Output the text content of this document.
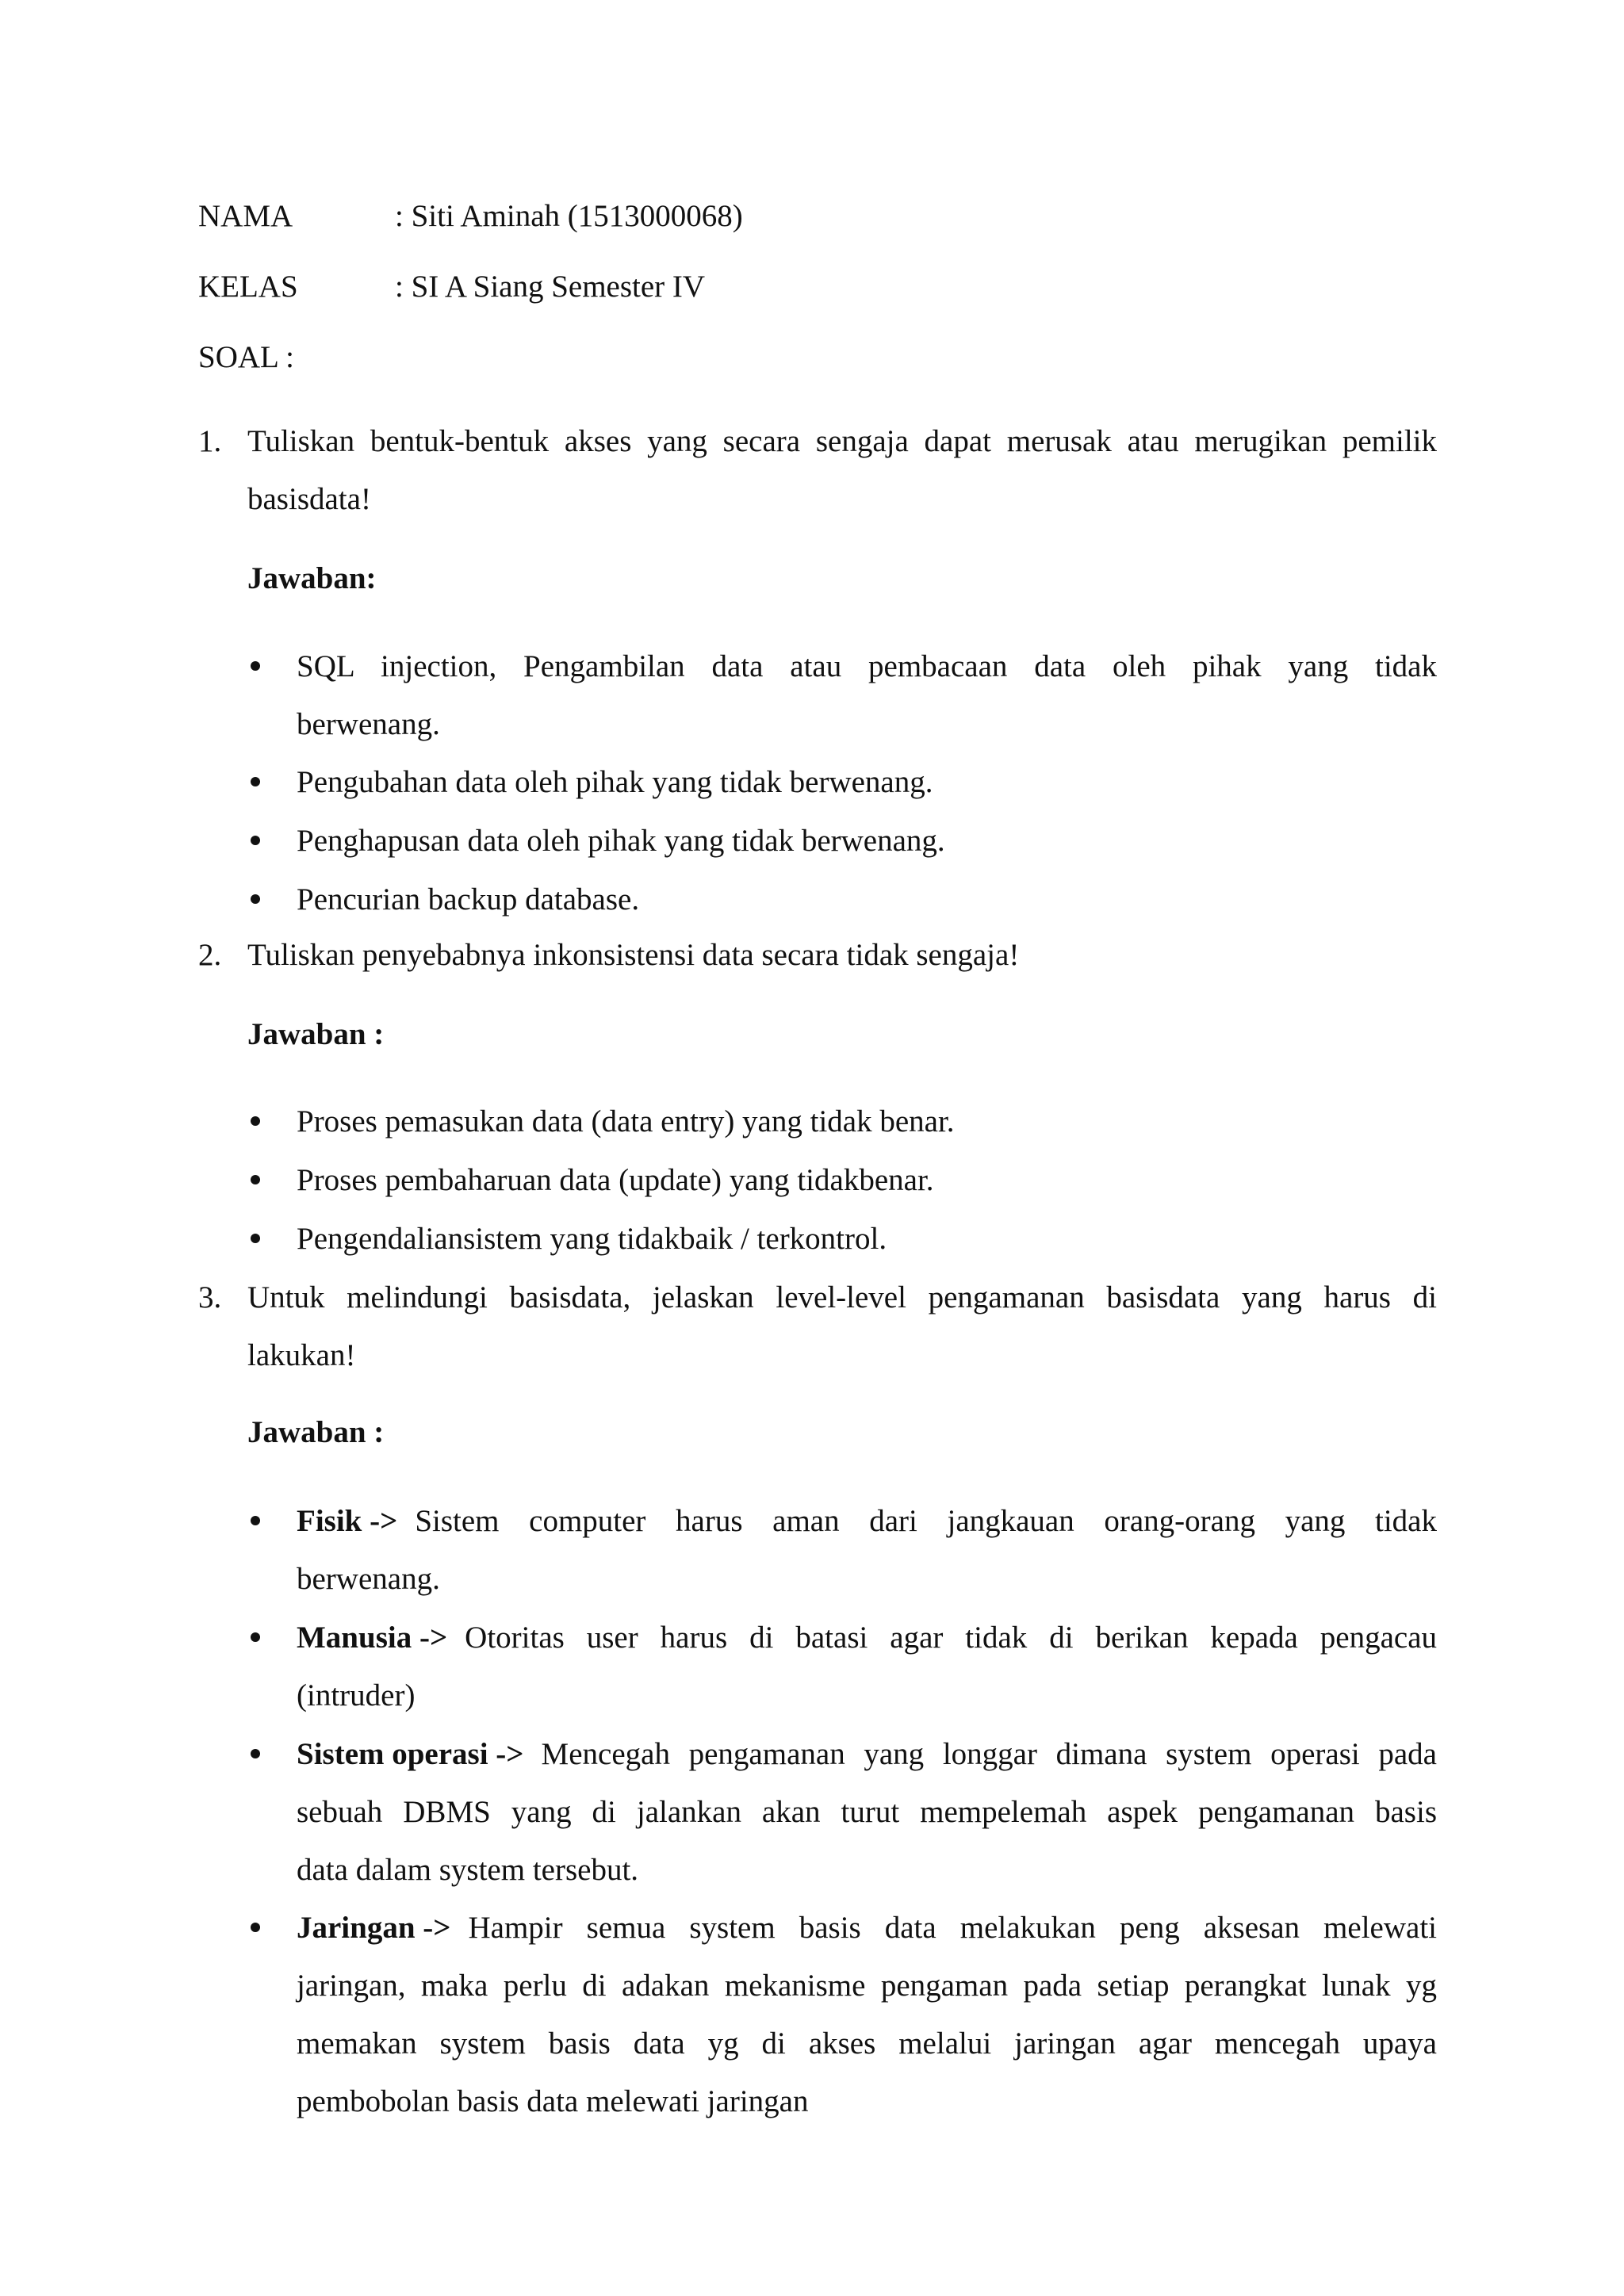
NAMA	: Siti Aminah (1513000068)
KELAS	: SI A Siang Semester IV
SOAL :
1. Tuliskan bentuk-bentuk akses yang secara sengaja dapat merusak atau merugikan pemilik
basisdata!
Jawaban:
SQL injection, Pengambilan data atau pembacaan data oleh pihak yang tidak
berwenang.
Pengubahan data oleh pihak yang tidak berwenang.
Penghapusan data oleh pihak yang tidak berwenang.
Pencurian backup database.
2. Tuliskan penyebabnya inkonsistensi data secara tidak sengaja!
Jawaban :
Proses pemasukan data (data entry) yang tidak benar.
Proses pembaharuan data (update) yang tidakbenar.
Pengendaliansistem yang tidakbaik / terkontrol.
3. Untuk melindungi basisdata, jelaskan level-level pengamanan basisdata yang harus di
lakukan!
Jawaban :
Fisik -> Sistem computer harus aman dari jangkauan orang-orang yang tidak
berwenang.
Manusia -> Otoritas user harus di batasi agar tidak di berikan kepada pengacau
(intruder)
Sistem operasi -> Mencegah pengamanan yang longgar dimana system operasi pada
sebuah DBMS yang di jalankan akan turut mempelemah aspek pengamanan basis
data dalam system tersebut.
Jaringan -> Hampir semua system basis data melakukan peng aksesan melewati
jaringan, maka perlu di adakan mekanisme pengaman pada setiap perangkat lunak yg
memakan system basis data yg di akses melalui jaringan agar mencegah upaya
pembobolan basis data melewati jaringan
